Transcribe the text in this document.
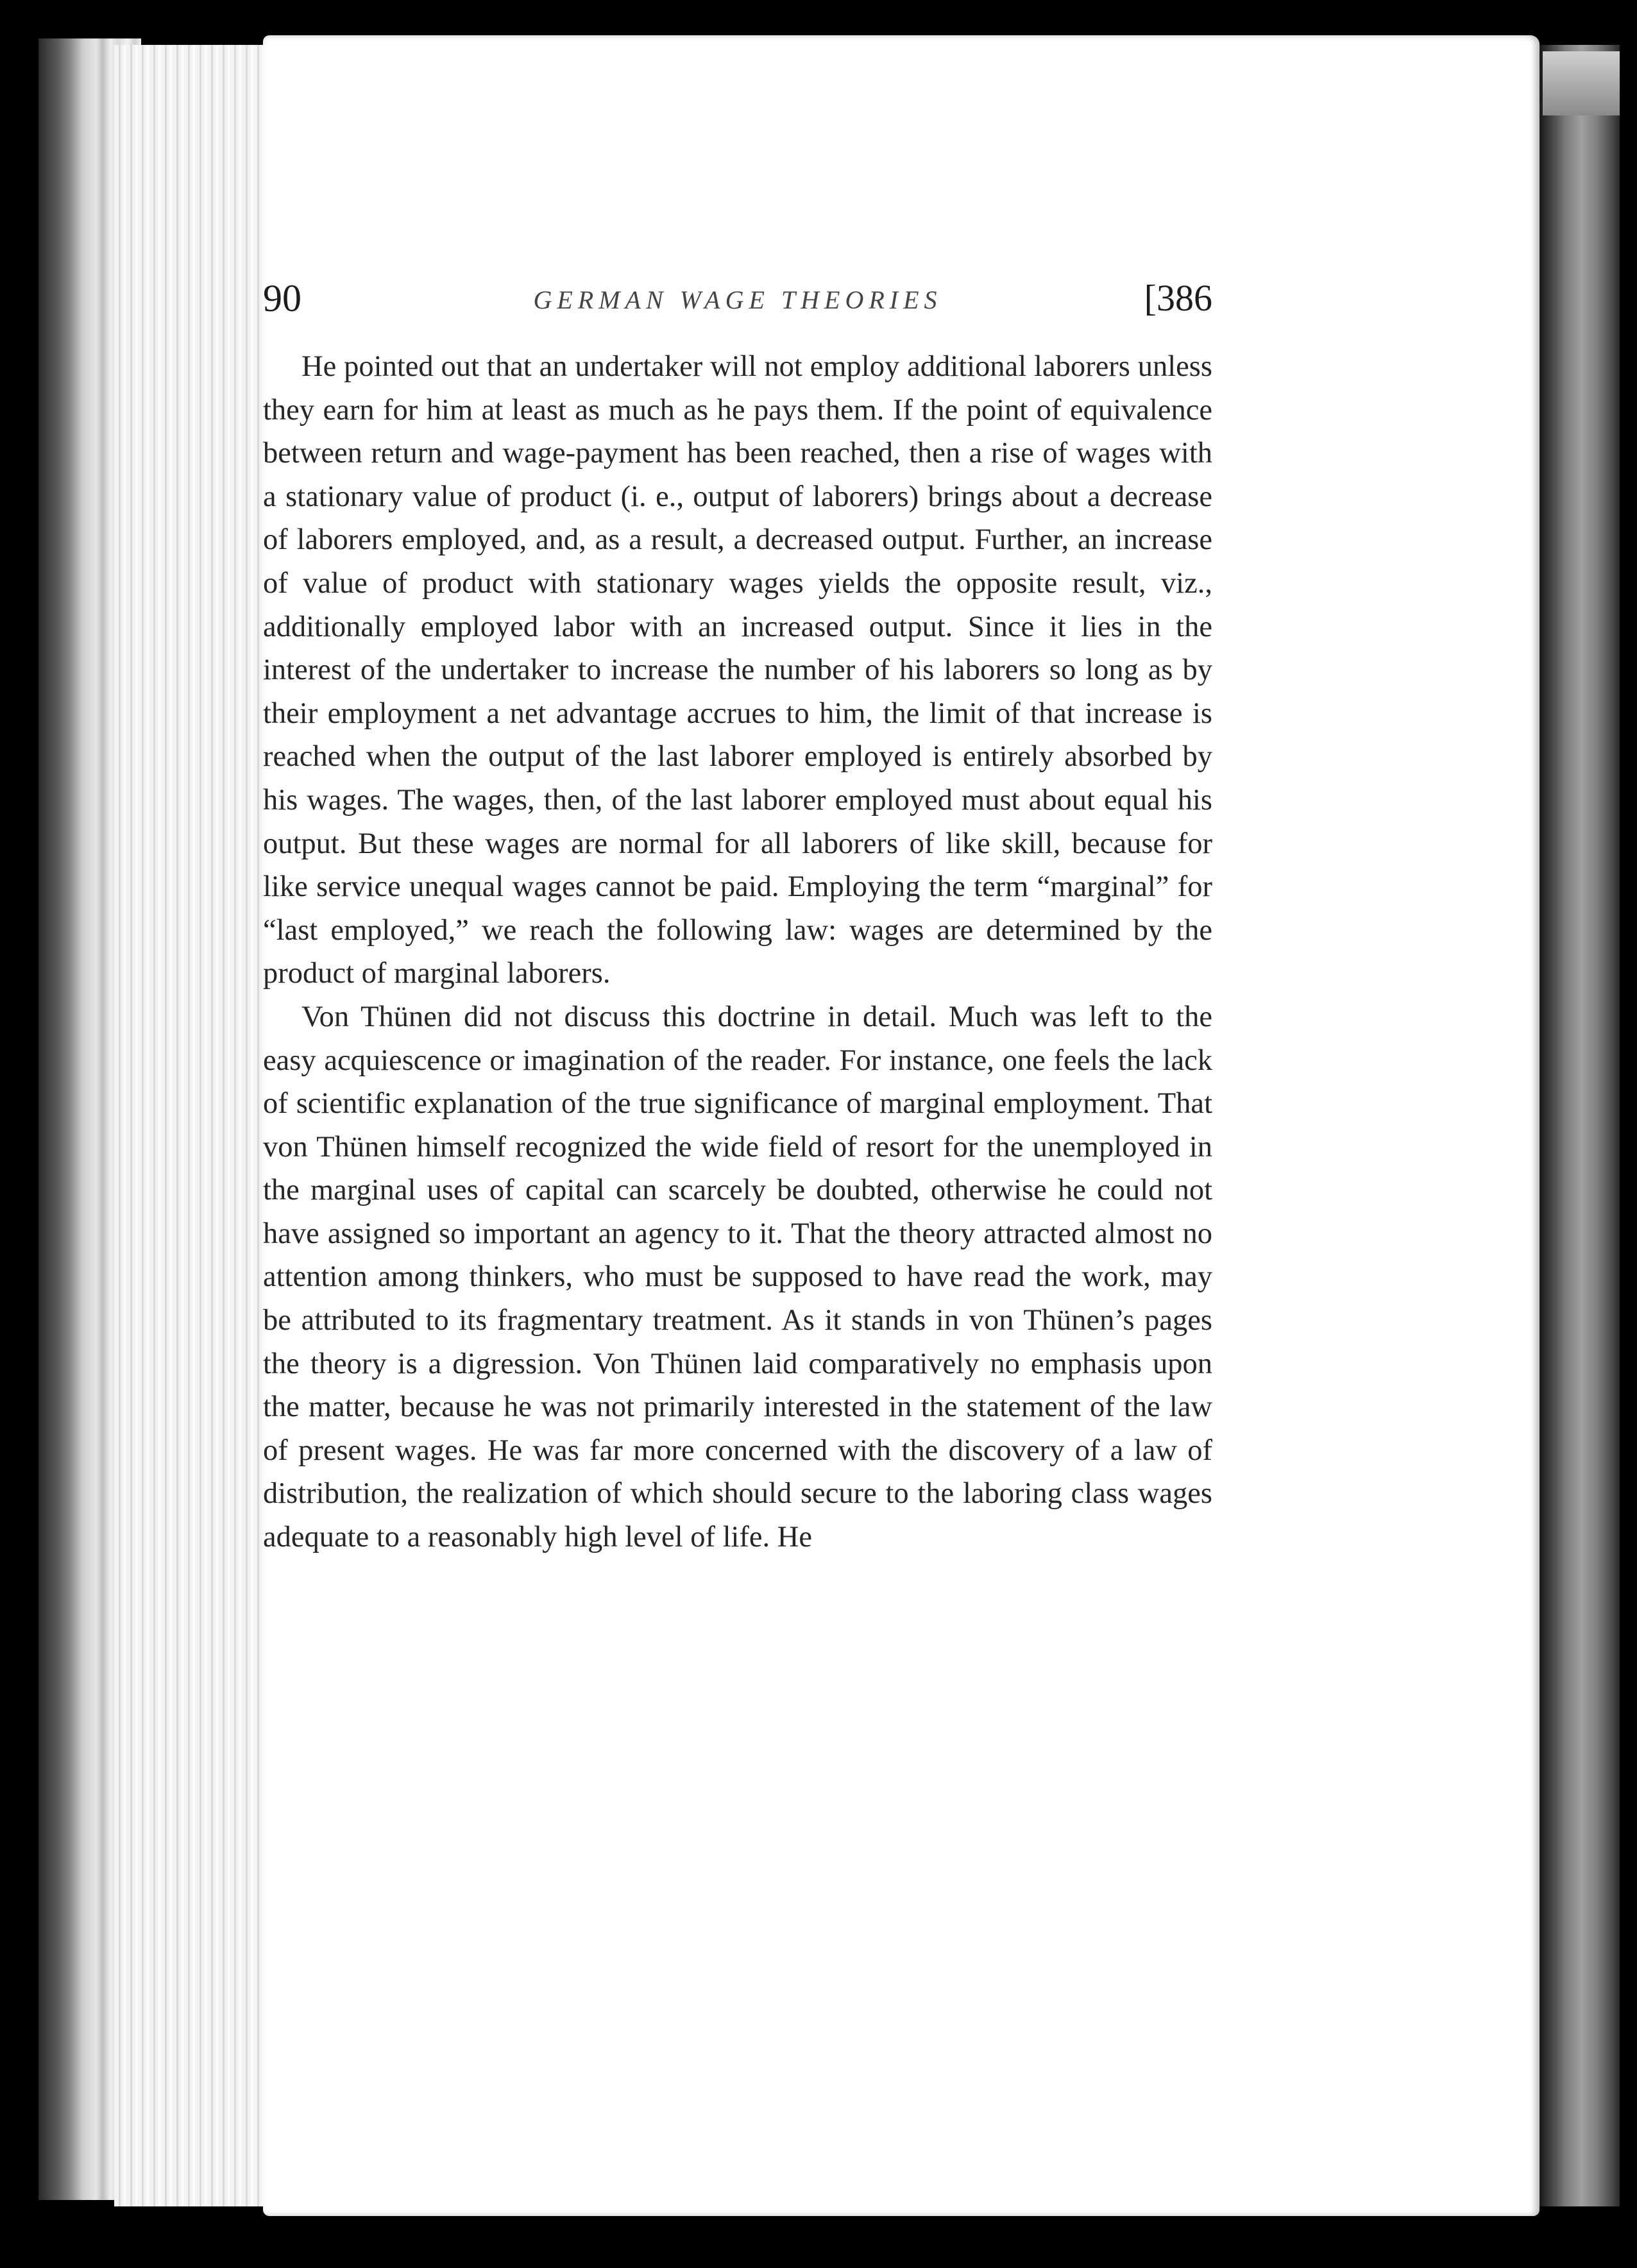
90	GERMAN WAGE THEORIES	[386

He pointed out that an undertaker will not employ additional laborers unless they earn for him at least as much as he pays them. If the point of equivalence between return and wage-payment has been reached, then a rise of wages with a stationary value of product (i. e., output of laborers) brings about a decrease of laborers employed, and, as a result, a decreased output. Further, an increase of value of product with stationary wages yields the opposite result, viz., additionally employed labor with an increased output. Since it lies in the interest of the undertaker to increase the number of his laborers so long as by their employment a net advantage accrues to him, the limit of that increase is reached when the output of the last laborer employed is entirely absorbed by his wages. The wages, then, of the last laborer employed must about equal his output. But these wages are normal for all laborers of like skill, because for like service unequal wages cannot be paid. Employing the term “marginal” for “last employed,” we reach the following law: wages are determined by the product of marginal laborers.

Von Thünen did not discuss this doctrine in detail. Much was left to the easy acquiescence or imagination of the reader. For instance, one feels the lack of scientific explanation of the true significance of marginal employment. That von Thünen himself recognized the wide field of resort for the unemployed in the marginal uses of capital can scarcely be doubted, otherwise he could not have assigned so important an agency to it. That the theory attracted almost no attention among thinkers, who must be supposed to have read the work, may be attributed to its fragmentary treatment. As it stands in von Thünen’s pages the theory is a digression. Von Thünen laid comparatively no emphasis upon the matter, because he was not primarily interested in the statement of the law of present wages. He was far more concerned with the discovery of a law of distribution, the realization of which should secure to the laboring class wages adequate to a reasonably high level of life. He
